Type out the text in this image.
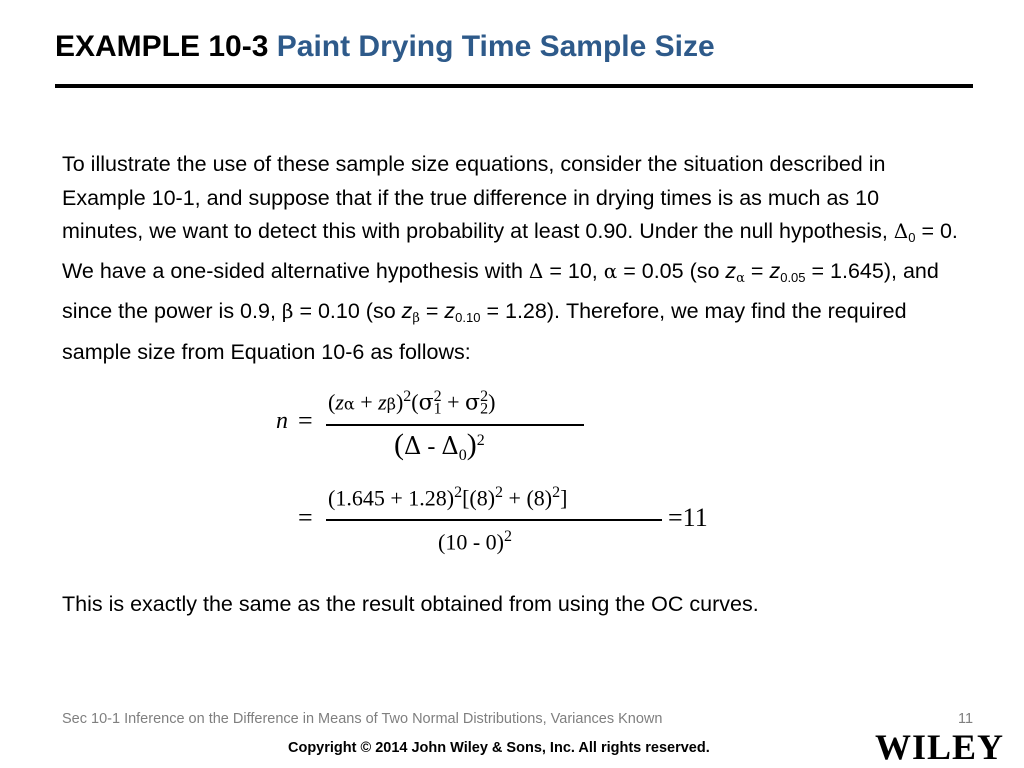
EXAMPLE 10-3 Paint Drying Time Sample Size
To illustrate the use of these sample size equations, consider the situation described in Example 10-1, and suppose that if the true difference in drying times is as much as 10 minutes, we want to detect this with probability at least 0.90. Under the null hypothesis, $\Delta_0 = 0$. We have a one-sided alternative hypothesis with Δ = 10, α = 0.05 (so $z_\alpha = z_{0.05} = 1.645$), and since the power is 0.9, β = 0.10 (so $z_\beta = z_{0.10} = 1.28$). Therefore, we may find the required sample size from Equation 10-6 as follows:
n =
$(z\alpha + z\beta)^2(\sigma_1^2 + \sigma_2^2)$
$(\Delta - \Delta_0)^2$
=
$(1.645 + 1.28)^2[(8)^2 + (8)^2]$
(10 - 0)$^2$
=11
This is exactly the same as the result obtained from using the OC curves.
Sec 10-1 Inference on the Difference in Means of Two Normal Distributions, Variances Known	11
Copyright © 2014 John Wiley & Sons, Inc. All rights reserved.	WILEY
